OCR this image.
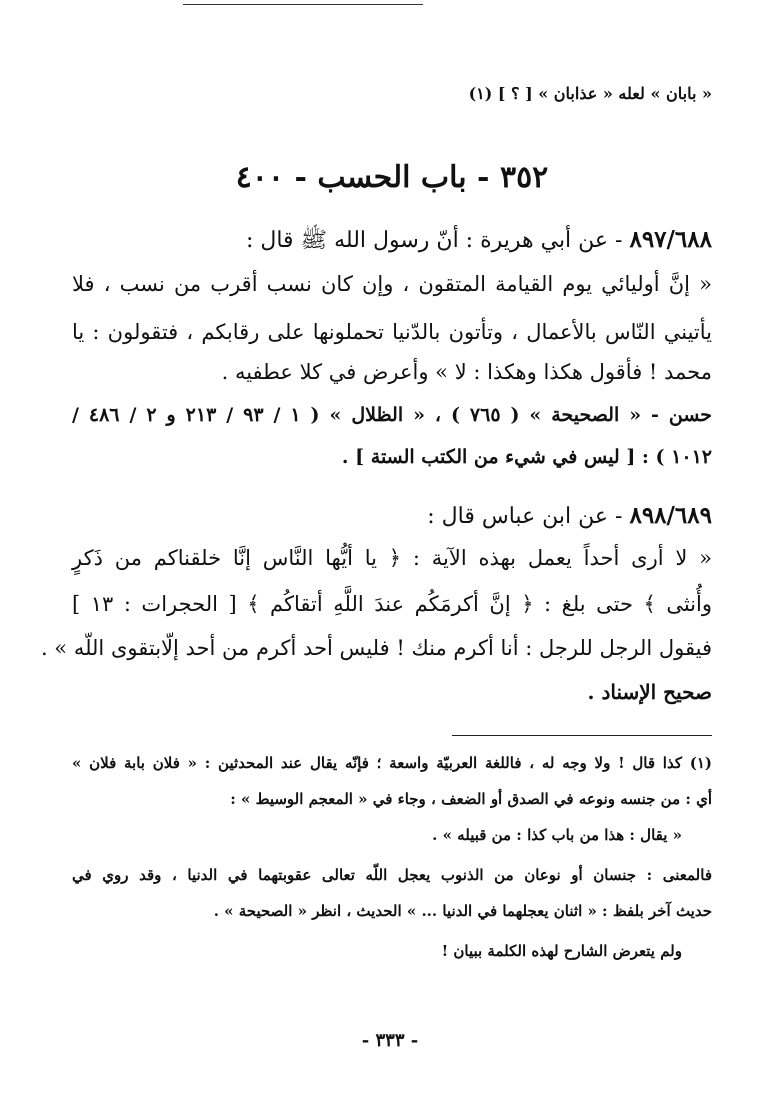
« بابان » لعله « عذابان » [ ؟ ] (١)
٣٥٢ - باب الحسب - ٤٠٠
٨٩٧/٦٨٨ - عن أبي هريرة : أنّ رسول الله ﷺ قال :
« إنَّ أوليائي يوم القيامة المتقون ، وإن كان نسب أقرب من نسب ، فلا
يأتيني النّاس بالأعمال ، وتأتون بالدّنيا تحملونها على رقابكم ، فتقولون : يا
محمد ! فأقول هكذا وهكذا : لا » وأعرض في كلا عطفيه .
حسن - « الصحيحة » ( ٧٦٥ ) ، « الظلال » ( ١ / ٩٣ / ٢١٣ و ٢ / ٤٨٦ /
١٠١٢ ) : [ ليس في شيء من الكتب الستة ] .
٨٩٨/٦٨٩ - عن ابن عباس قال :
« لا أرى أحداً يعمل بهذه الآية : ﴿ يا أيُّها النَّاس إنَّا خلقناكم من ذَكرٍ
وأُنثى ﴾ حتى بلغ : ﴿ إنَّ أكرمَكُم عندَ اللَّهِ أتقاكُم ﴾ [ الحجرات : ١٣ ]
فيقول الرجل للرجل : أنا أكرم منك ! فليس أحد أكرم من أحد إلّابتقوى اللّه » .
صحيح الإسناد .
(١) كذا قال ! ولا وجه له ، فاللغة العربيّة واسعة ؛ فإنّه يقال عند المحدثين : « فلان بابة فلان »
أي : من جنسه ونوعه في الصدق أو الضعف ، وجاء في « المعجم الوسيط » :
« يقال : هذا من باب كذا : من قبيله » .
فالمعنى : جنسان أو نوعان من الذنوب يعجل اللّه تعالى عقوبتهما في الدنيا ، وقد روي في
حديث آخر بلفظ : « اثنان يعجلهما في الدنيا ... » الحديث ، انظر « الصحيحة » .
ولم يتعرض الشارح لهذه الكلمة ببيان !
- ٣٣٣ -
